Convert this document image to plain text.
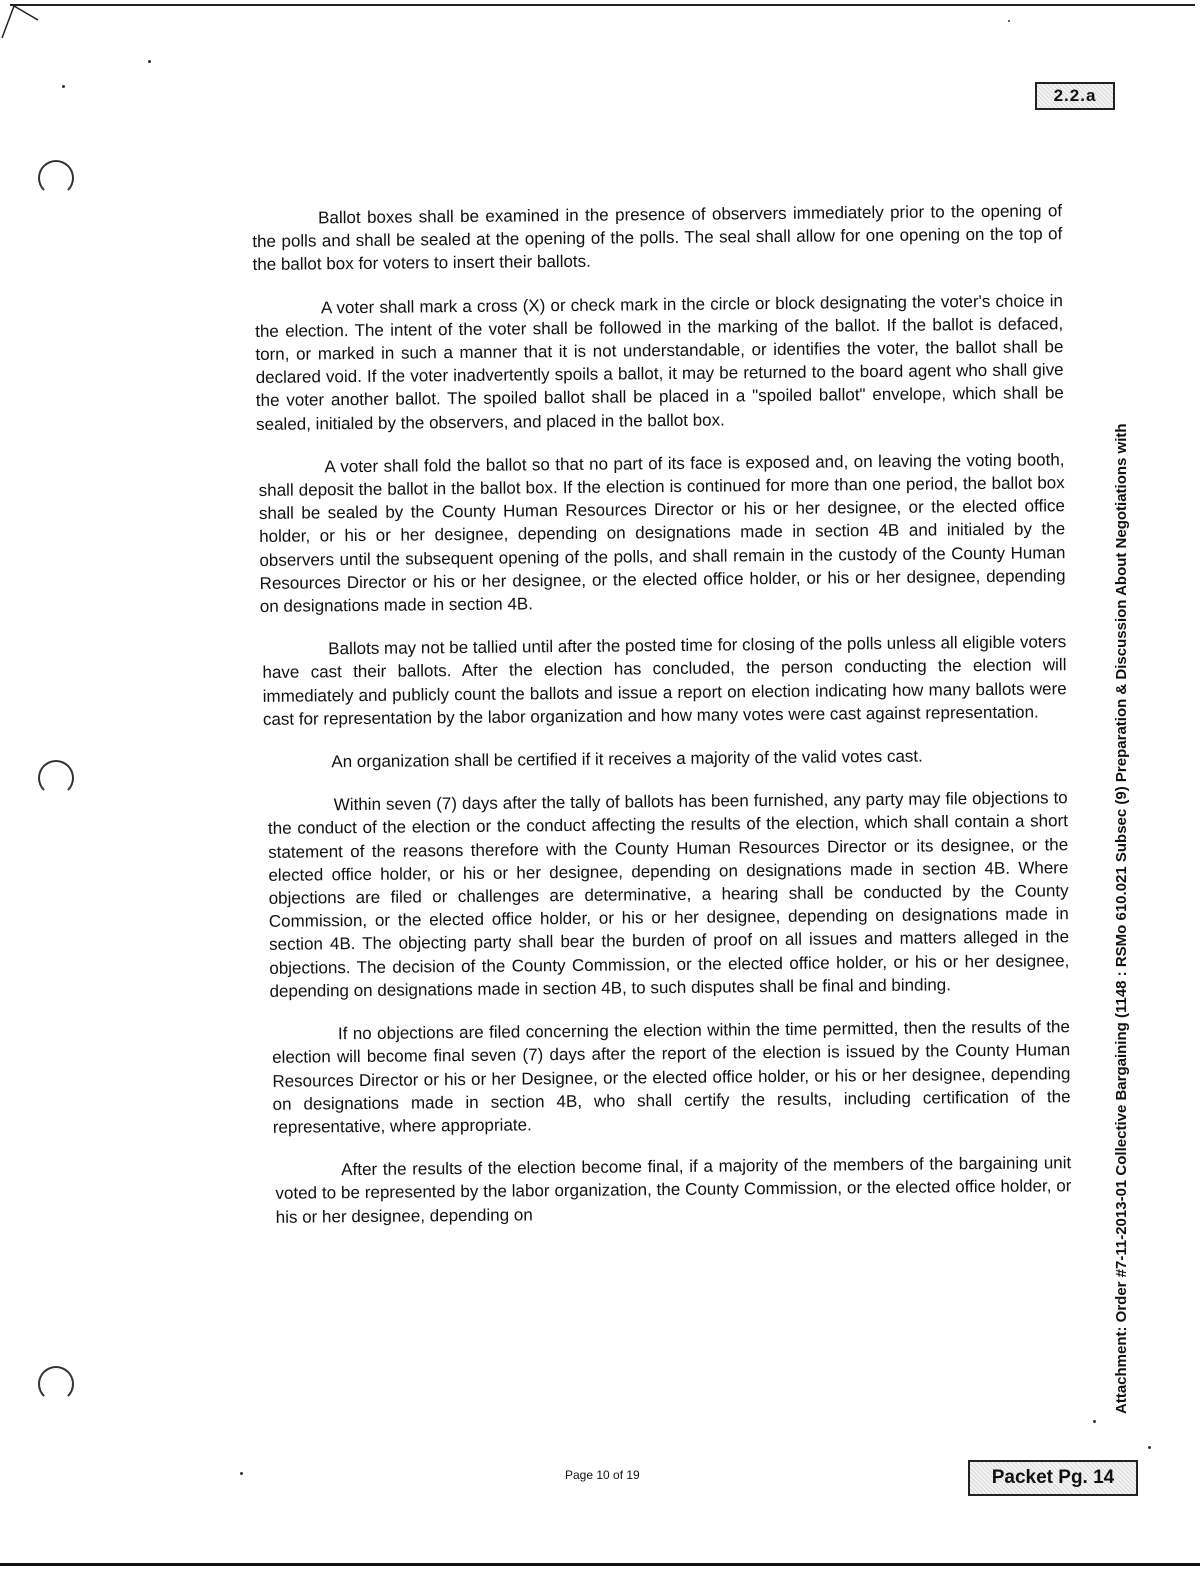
2.2.a
Attachment: Order #7-11-2013-01 Collective Bargaining (1148 : RSMo 610.021 Subsec (9) Preparation & Discussion About Negotiations with

Ballot boxes shall be examined in the presence of observers immediately prior to the opening of the polls and shall be sealed at the opening of the polls. The seal shall allow for one opening on the top of the ballot box for voters to insert their ballots.

A voter shall mark a cross (X) or check mark in the circle or block designating the voter's choice in the election. The intent of the voter shall be followed in the marking of the ballot. If the ballot is defaced, torn, or marked in such a manner that it is not understandable, or identifies the voter, the ballot shall be declared void. If the voter inadvertently spoils a ballot, it may be returned to the board agent who shall give the voter another ballot. The spoiled ballot shall be placed in a "spoiled ballot" envelope, which shall be sealed, initialed by the observers, and placed in the ballot box.

A voter shall fold the ballot so that no part of its face is exposed and, on leaving the voting booth, shall deposit the ballot in the ballot box. If the election is continued for more than one period, the ballot box shall be sealed by the County Human Resources Director or his or her designee, or the elected office holder, or his or her designee, depending on designations made in section 4B and initialed by the observers until the subsequent opening of the polls, and shall remain in the custody of the County Human Resources Director or his or her designee, or the elected office holder, or his or her designee, depending on designations made in section 4B.

Ballots may not be tallied until after the posted time for closing of the polls unless all eligible voters have cast their ballots. After the election has concluded, the person conducting the election will immediately and publicly count the ballots and issue a report on election indicating how many ballots were cast for representation by the labor organization and how many votes were cast against representation.

An organization shall be certified if it receives a majority of the valid votes cast.

Within seven (7) days after the tally of ballots has been furnished, any party may file objections to the conduct of the election or the conduct affecting the results of the election, which shall contain a short statement of the reasons therefore with the County Human Resources Director or its designee, or the elected office holder, or his or her designee, depending on designations made in section 4B. Where objections are filed or challenges are determinative, a hearing shall be conducted by the County Commission, or the elected office holder, or his or her designee, depending on designations made in section 4B. The objecting party shall bear the burden of proof on all issues and matters alleged in the objections. The decision of the County Commission, or the elected office holder, or his or her designee, depending on designations made in section 4B, to such disputes shall be final and binding.

If no objections are filed concerning the election within the time permitted, then the results of the election will become final seven (7) days after the report of the election is issued by the County Human Resources Director or his or her Designee, or the elected office holder, or his or her designee, depending on designations made in section 4B, who shall certify the results, including certification of the representative, where appropriate.

After the results of the election become final, if a majority of the members of the bargaining unit voted to be represented by the labor organization, the County Commission, or the elected office holder, or his or her designee, depending on

Page 10 of 19	Packet Pg. 14
